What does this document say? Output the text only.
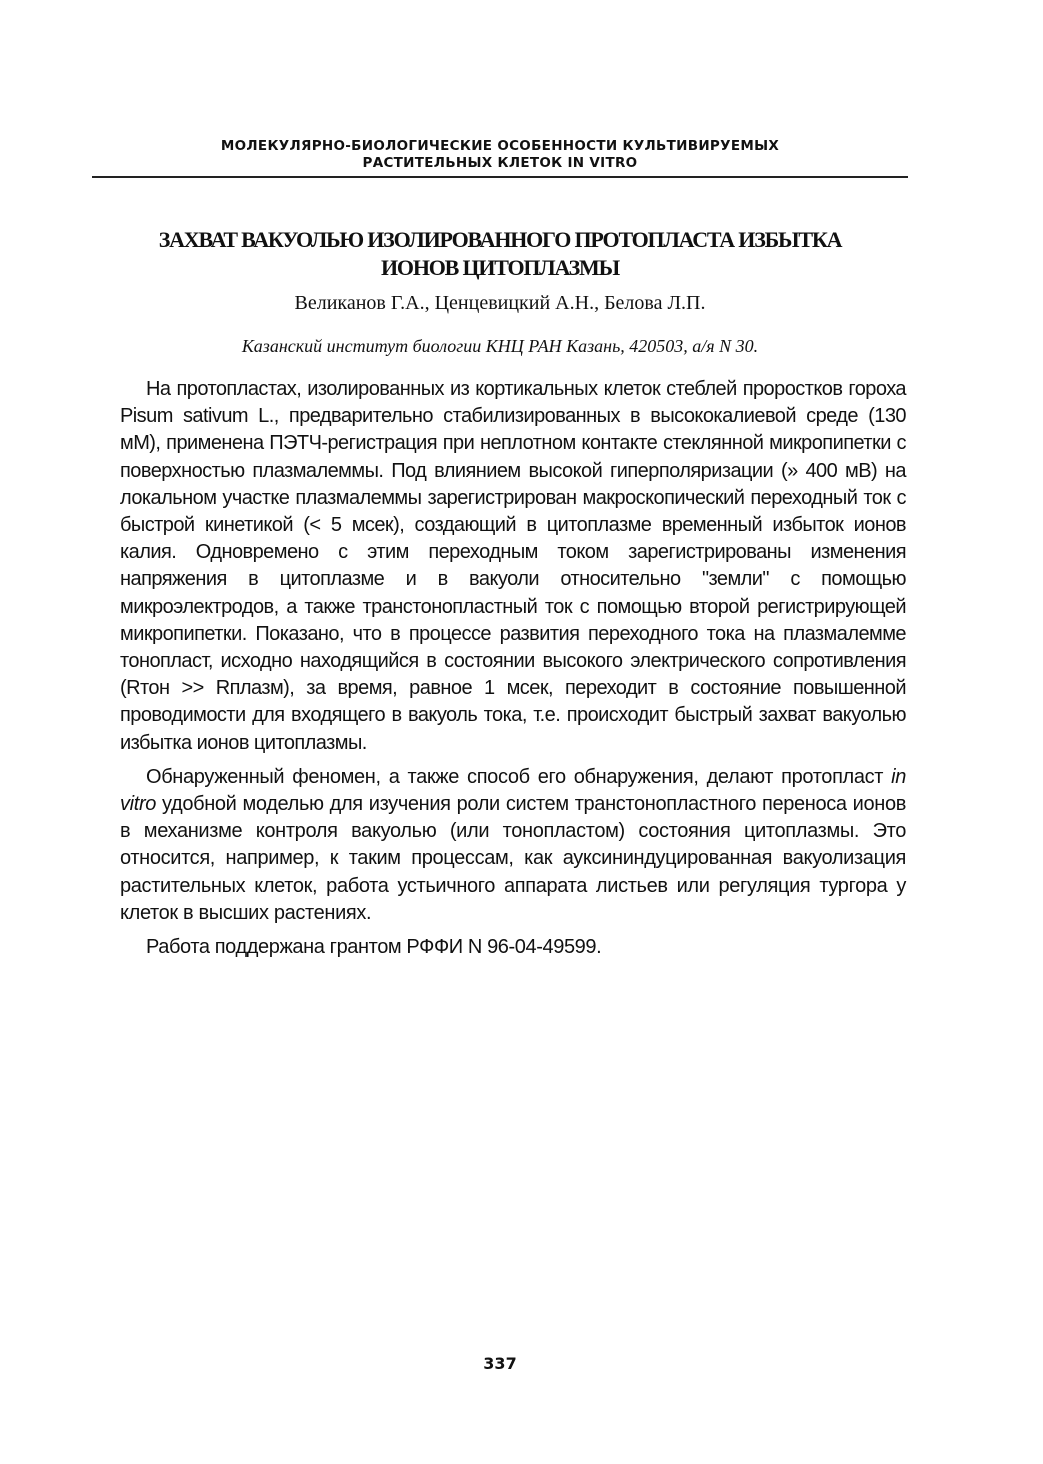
МОЛЕКУЛЯРНО-БИОЛОГИЧЕСКИЕ ОСОБЕННОСТИ КУЛЬТИВИРУЕМЫХ
РАСТИТЕЛЬНЫХ КЛЕТОК IN VITRO
ЗАХВАТ ВАКУОЛЬЮ ИЗОЛИРОВАННОГО ПРОТОПЛАСТА ИЗБЫТКА
ИОНОВ ЦИТОПЛАЗМЫ
Великанов Г.А., Ценцевицкий А.Н., Белова Л.П.
Казанский институт биологии КНЦ РАН Казань, 420503, а/я N 30.

На протопластах, изолированных из кортикальных клеток стеблей проростков гороха Pisum sativum L., предварительно стабилизированных в высококалиевой среде (130 мМ), применена ПЭТЧ-регистрация при неплотном контакте стеклянной микропипетки с поверхностью плазмалеммы. Под влиянием высокой гиперполяризации (» 400 мВ) на локальном участке плазмалеммы зарегистрирован макроскопический переходный ток с быстрой кинетикой (< 5 мсек), создающий в цитоплазме временный избыток ионов калия. Одновремено с этим переходным током зарегистрированы изменения напряжения в цитоплазме и в вакуоли относительно "земли" с помощью микроэлектродов, а также транстонопластный ток с помощью второй регистрирующей микропипетки. Показано, что в процессе развития переходного тока на плазмалемме тонопласт, исходно находящийся в состоянии высокого электрического сопротивления (Rтон >> Rплазм), за время, равное 1 мсек, переходит в состояние повышенной проводимости для входящего в вакуоль тока, т.е. происходит быстрый захват вакуолью избытка ионов цитоплазмы.

Обнаруженный феномен, а также способ его обнаружения, делают протопласт in vitro удобной моделью для изучения роли систем транстонопластного переноса ионов в механизме контроля вакуолью (или тонопластом) состояния цитоплазмы. Это относится, например, к таким процессам, как ауксининдуцированная вакуолизация растительных клеток, работа устьичного аппарата листьев или регуляция тургора у клеток в высших растениях.

Работа поддержана грантом РФФИ N 96-04-49599.

337
